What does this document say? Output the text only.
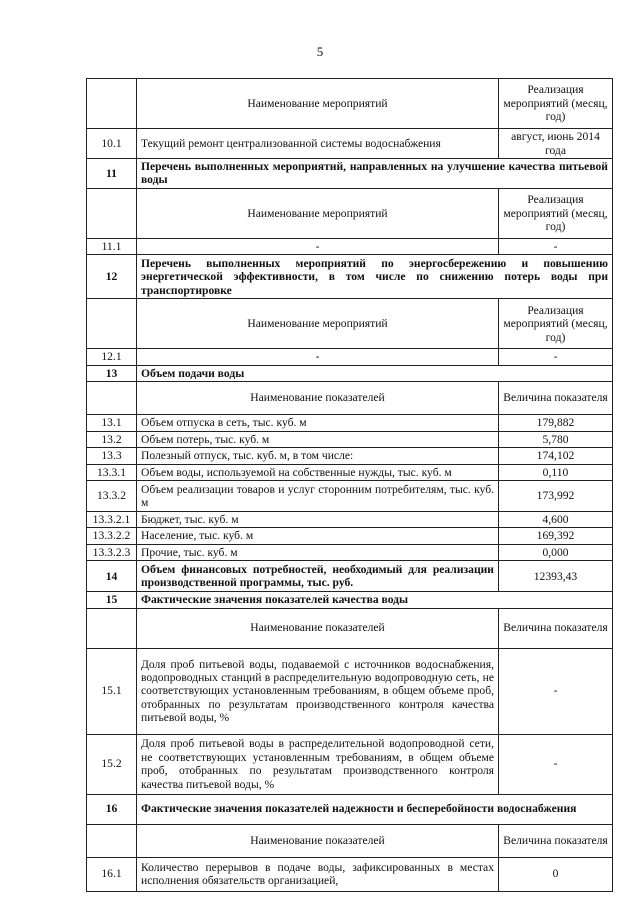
5
	Наименование мероприятий	Реализация мероприятий (месяц, год)
10.1	Текущий ремонт централизованной системы водоснабжения	август, июнь 2014 года
11	Перечень выполненных мероприятий, направленных на улучшение качества питьевой воды	
	Наименование мероприятий	Реализация мероприятий (месяц, год)
11.1	-	-
12	Перечень выполненных мероприятий по энергосбережению и повышению энергетической эффективности, в том числе по снижению потерь воды при транспортировке	
	Наименование мероприятий	Реализация мероприятий (месяц, год)
12.1	-	-
13	Объем подачи воды	
	Наименование показателей	Величина показателя
13.1	Объем отпуска в сеть, тыс. куб. м	179,882
13.2	Объем потерь, тыс. куб. м	5,780
13.3	Полезный отпуск, тыс. куб. м, в том числе:	174,102
13.3.1	Объем воды, используемой на собственные нужды, тыс. куб. м	0,110
13.3.2	Объем реализации товаров и услуг сторонним потребителям, тыс. куб. м	173,992
13.3.2.1	Бюджет, тыс. куб. м	4,600
13.3.2.2	Население, тыс. куб. м	169,392
13.3.2.3	Прочие, тыс. куб. м	0,000
14	Объем финансовых потребностей, необходимый для реализации производственной программы, тыс. руб.	12393,43
15	Фактические значения показателей качества воды	
	Наименование показателей	Величина показателя
15.1	Доля проб питьевой воды, подаваемой с источников водоснабжения, водопроводных станций в распределительную водопроводную сеть, не соответствующих установленным требованиям, в общем объеме проб, отобранных по результатам производственного контроля качества питьевой воды, %	-
15.2	Доля проб питьевой воды в распределительной водопроводной сети, не соответствующих установленным требованиям, в общем объеме проб, отобранных по результатам производственного контроля качества питьевой воды, %	-
16	Фактические значения показателей надежности и бесперебойности водоснабжения	
	Наименование показателей	Величина показателя
16.1	Количество перерывов в подаче воды, зафиксированных в местах исполнения обязательств организацией,	0
